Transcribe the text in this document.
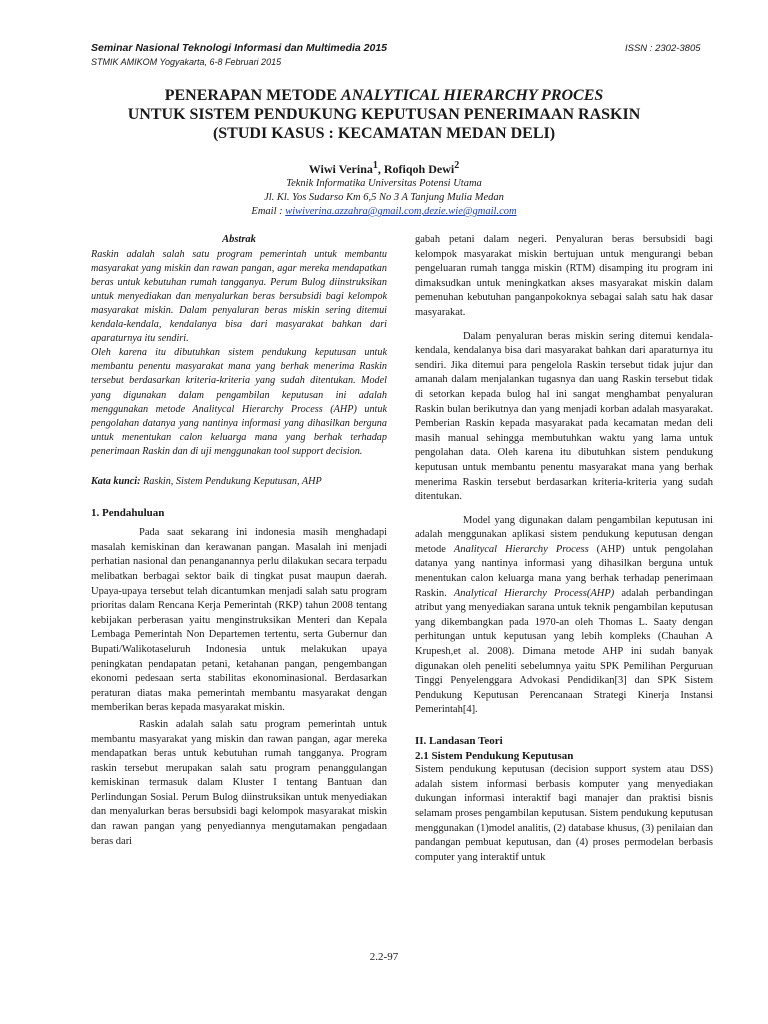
Seminar Nasional Teknologi Informasi dan Multimedia 2015
STMIK AMIKOM Yogyakarta, 6-8 Februari 2015
ISSN : 2302-3805
PENERAPAN METODE ANALYTICAL HIERARCHY PROCES
UNTUK SISTEM PENDUKUNG KEPUTUSAN PENERIMAAN RASKIN
(STUDI KASUS : KECAMATAN MEDAN DELI)
Wiwi Verina$^1$, Rofiqoh Dewi$^2$
Teknik Informatika Universitas Potensi Utama
Jl. Kl. Yos Sudarso Km 6,5 No 3 A Tanjung Mulia Medan
Email : wiwiverina.azzahra@gmail.com,dezie.wie@gmail.com
Abstrak
Raskin adalah salah satu program pemerintah untuk membantu masyarakat yang miskin dan rawan pangan, agar mereka mendapatkan beras untuk kebutuhan rumah tangganya. Perum Bulog diinstruksikan untuk menyediakan dan menyalurkan beras bersubsidi bagi kelompok masyarakat miskin. Dalam penyaluran beras miskin sering ditemui kendala-kendala, kendalanya bisa dari masyarakat bahkan dari aparaturnya itu sendiri.
Oleh karena itu dibutuhkan sistem pendukung keputusan untuk membantu penentu masyarakat mana yang berhak menerima Raskin tersebut berdasarkan kriteria-kriteria yang sudah ditentukan. Model yang digunakan dalam pengambilan keputusan ini adalah menggunakan metode Analitycal Hierarchy Process (AHP) untuk pengolahan datanya yang nantinya informasi yang dihasilkan berguna untuk menentukan calon keluarga mana yang berhak terhadap penerimaan Raskin dan di uji menggunakan tool support decision.
Kata kunci: Raskin, Sistem Pendukung Keputusan, AHP
1. Pendahuluan
Pada saat sekarang ini indonesia masih menghadapi masalah kemiskinan dan kerawanan pangan. Masalah ini menjadi perhatian nasional dan penanganannya perlu dilakukan secara terpadu melibatkan berbagai sektor baik di tingkat pusat maupun daerah. Upaya-upaya tersebut telah dicantumkan menjadi salah satu program prioritas dalam Rencana Kerja Pemerintah (RKP) tahun 2008 tentang kebijakan perberasan yaitu menginstruksikan Menteri dan Kepala Lembaga Pemerintah Non Departemen tertentu, serta Gubernur dan Bupati/Walikotaseluruh Indonesia untuk melakukan upaya peningkatan pendapatan petani, ketahanan pangan, pengembangan ekonomi pedesaan serta stabilitas ekonominasional. Berdasarkan peraturan diatas maka pemerintah membantu masyarakat dengan memberikan beras kepada masyarakat miskin.
Raskin adalah salah satu program pemerintah untuk membantu masyarakat yang miskin dan rawan pangan, agar mereka mendapatkan beras untuk kebutuhan rumah tangganya. Program raskin tersebut merupakan salah satu program penanggulangan kemiskinan termasuk dalam Kluster I tentang Bantuan dan Perlindungan Sosial. Perum Bulog diinstruksikan untuk menyediakan dan menyalurkan beras bersubsidi bagi kelompok masyarakat miskin dan rawan pangan yang penyediannya mengutamakan pengadaan beras dari
gabah petani dalam negeri. Penyaluran beras bersubsidi bagi kelompok masyarakat miskin bertujuan untuk mengurangi beban pengeluaran rumah tangga miskin (RTM) disamping itu program ini dimaksudkan untuk meningkatkan akses masyarakat miskin dalam pemenuhan kebutuhan panganpokoknya sebagai salah satu hak dasar masyarakat.
Dalam penyaluran beras miskin sering ditemui kendala-kendala, kendalanya bisa dari masyarakat bahkan dari aparaturnya itu sendiri. Jika ditemui para pengelola Raskin tersebut tidak jujur dan amanah dalam menjalankan tugasnya dan uang Raskin tersebut tidak di setorkan kepada bulog hal ini sangat menghambat penyaluran Raskin bulan berikutnya dan yang menjadi korban adalah masyarakat. Pemberian Raskin kepada masyarakat pada kecamatan medan deli masih manual sehingga membutuhkan waktu yang lama untuk pengolahan data. Oleh karena itu dibutuhkan sistem pendukung keputusan untuk membantu penentu masyarakat mana yang berhak menerima Raskin tersebut berdasarkan kriteria-kriteria yang sudah ditentukan.
Model yang digunakan dalam pengambilan keputusan ini adalah menggunakan aplikasi sistem pendukung keputusan dengan metode Analitycal Hierarchy Process (AHP) untuk pengolahan datanya yang nantinya informasi yang dihasilkan berguna untuk menentukan calon keluarga mana yang berhak terhadap penerimaan Raskin. Analytical Hierarchy Process(AHP) adalah perbandingan atribut yang menyediakan sarana untuk teknik pengambilan keputusan yang dikembangkan pada 1970-an oleh Thomas L. Saaty dengan perhitungan untuk keputusan yang lebih kompleks (Chauhan A Krupesh,et al. 2008). Dimana metode AHP ini sudah banyak digunakan oleh peneliti sebelumnya yaitu SPK Pemilihan Perguruan Tinggi Penyelenggara Advokasi Pendidikan[3] dan SPK Sistem Pendukung Keputusan Perencanaan Strategi Kinerja Instansi Pemerintah[4].
II. Landasan Teori
2.1 Sistem Pendukung Keputusan
Sistem pendukung keputusan (decision support system atau DSS) adalah sistem informasi berbasis komputer yang menyediakan dukungan informasi interaktif bagi manajer dan praktisi bisnis selamam proses pengambilan keputusan. Sistem pendukung keputusan menggunakan (1)model analitis, (2) database khusus, (3) penilaian dan pandangan pembuat keputusan, dan (4) proses permodelan berbasis computer yang interaktif untuk
2.2-97
